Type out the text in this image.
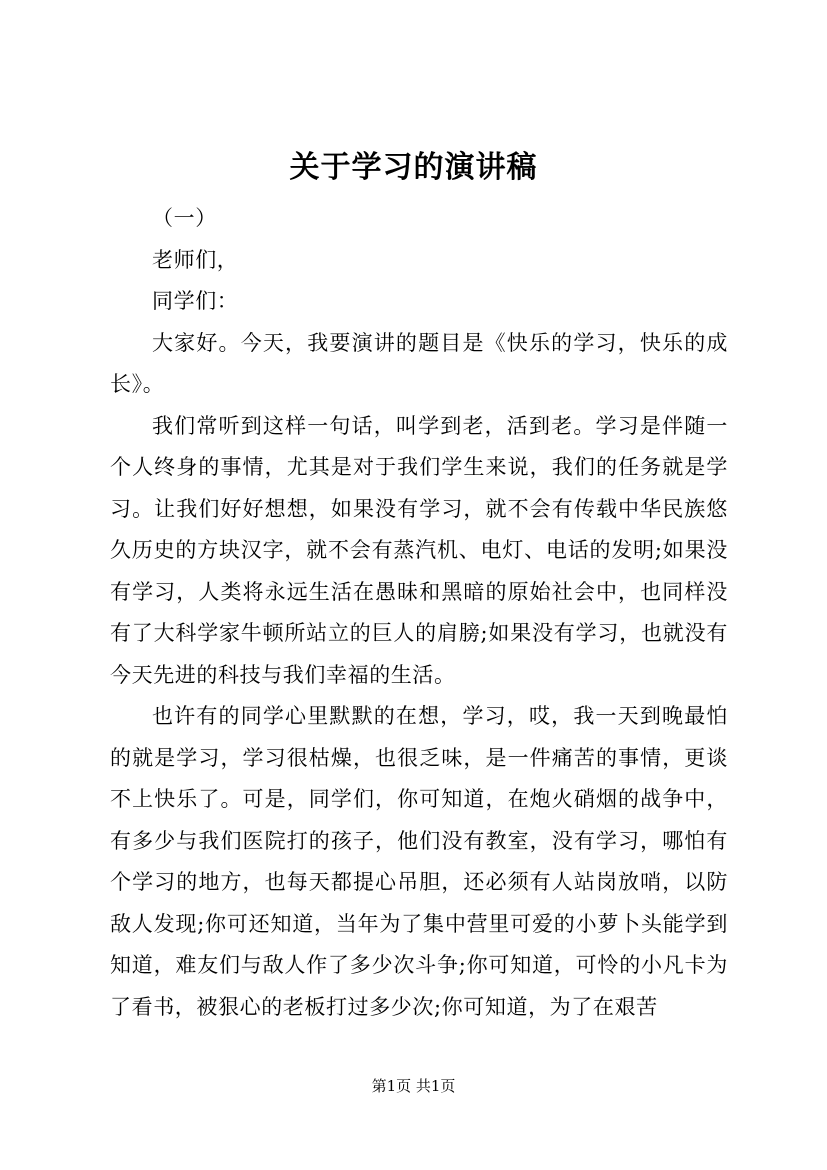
关于学习的演讲稿

（一）

老师们，

同学们：

大家好。今天，我要演讲的题目是《快乐的学习，快乐的成长》。

我们常听到这样一句话，叫学到老，活到老。学习是伴随一个人终身的事情，尤其是对于我们学生来说，我们的任务就是学习。让我们好好想想，如果没有学习，就不会有传载中华民族悠久历史的方块汉字，就不会有蒸汽机、电灯、电话的发明;如果没有学习，人类将永远生活在愚昧和黑暗的原始社会中，也同样没有了大科学家牛顿所站立的巨人的肩膀;如果没有学习，也就没有今天先进的科技与我们幸福的生活。

也许有的同学心里默默的在想，学习，哎，我一天到晚最怕的就是学习，学习很枯燥，也很乏味，是一件痛苦的事情，更谈不上快乐了。可是，同学们，你可知道，在炮火硝烟的战争中，有多少与我们医院打的孩子，他们没有教室，没有学习，哪怕有个学习的地方，也每天都提心吊胆，还必须有人站岗放哨，以防敌人发现;你可还知道，当年为了集中营里可爱的小萝卜头能学到知道，难友们与敌人作了多少次斗争;你可知道，可怜的小凡卡为了看书，被狠心的老板打过多少次;你可知道，为了在艰苦

第1页 共1页
